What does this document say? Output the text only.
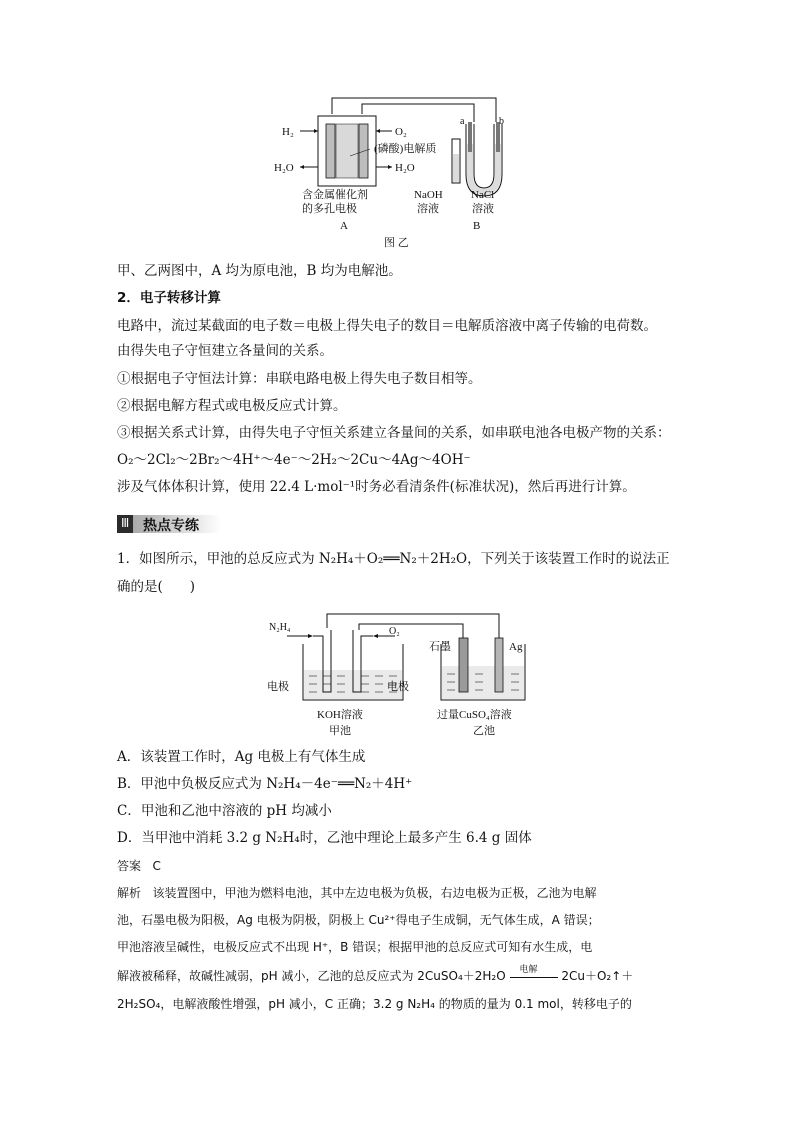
H₂	O₂
H₂O	H₂O
(磷酸)电解质
含金属催化剂
的多孔电极
A
a	b
NaOH
溶液
NaCl
溶液
B
图 乙
甲、乙两图中，A 均为原电池，B 均为电解池。
2．电子转移计算
电路中，流过某截面的电子数＝电极上得失电子的数目＝电解质溶液中离子传输的电荷数。
由得失电子守恒建立各量间的关系。
①根据电子守恒法计算：串联电路电极上得失电子数目相等。
②根据电解方程式或电极反应式计算。
③根据关系式计算，由得失电子守恒关系建立各量间的关系，如串联电池各电极产物的关系：
O₂～2Cl₂～2Br₂～4H⁺～4e⁻～2H₂～2Cu～4Ag～4OH⁻
涉及气体体积计算，使用 22.4 L·mol⁻¹时务必看清条件(标准状况)，然后再进行计算。
Ⅲ 热点专练
1．如图所示，甲池的总反应式为 N₂H₄＋O₂══N₂＋2H₂O，下列关于该装置工作时的说法正
确的是(　　)
N₂H₄	O₂
电极	电极
KOH溶液
甲池
石墨	Ag
过量CuSO₄溶液
乙池
A．该装置工作时，Ag 电极上有气体生成
B．甲池中负极反应式为 N₂H₄－4e⁻══N₂＋4H⁺
C．甲池和乙池中溶液的 pH 均减小
D．当甲池中消耗 3.2 g N₂H₄时，乙池中理论上最多产生 6.4 g 固体
答案 C
解析 该装置图中，甲池为燃料电池，其中左边电极为负极，右边电极为正极，乙池为电解
池，石墨电极为阳极，Ag 电极为阴极，阴极上 Cu²⁺得电子生成铜，无气体生成，A 错误；
甲池溶液呈碱性，电极反应式不出现 H⁺，B 错误；根据甲池的总反应式可知有水生成，电
解液被稀释，故碱性减弱，pH 减小，乙池的总反应式为 2CuSO₄＋2H₂O 电解 2Cu＋O₂↑＋
2H₂SO₄，电解液酸性增强，pH 减小，C 正确；3.2 g N₂H₄ 的物质的量为 0.1 mol，转移电子的
